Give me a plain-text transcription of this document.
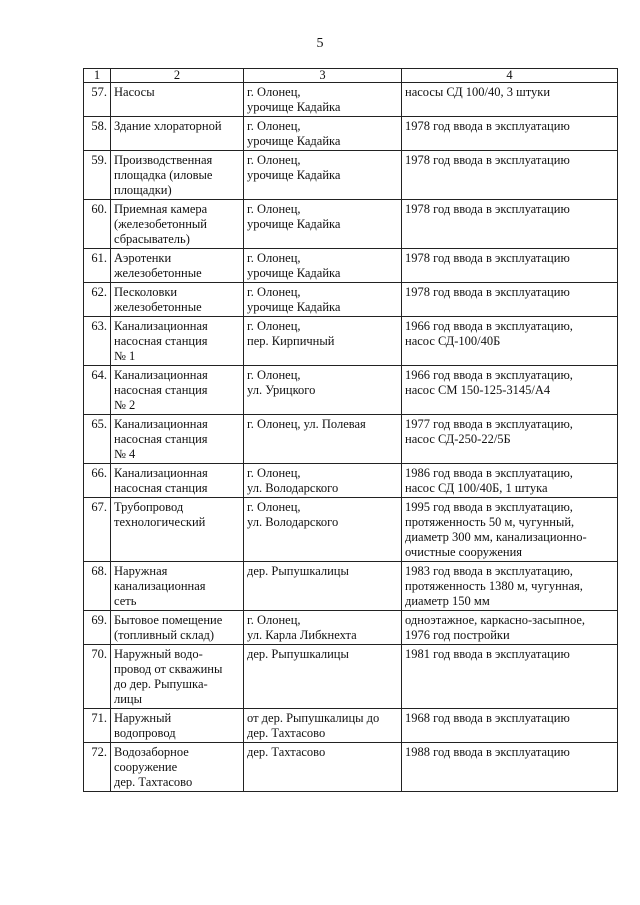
5
1	2	3	4
57.	Насосы	г. Олонец,
урочище Кадайка	насосы СД 100/40, 3 штуки

58.	Здание хлораторной	г. Олонец,
урочище Кадайка	1978 год ввода в эксплуатацию

59.	Производственная
площадка (иловые
площадки)	г. Олонец,
урочище Кадайка	1978 год ввода в эксплуатацию

60.	Приемная камера
(железобетонный
сбрасыватель)	г. Олонец,
урочище Кадайка	1978 год ввода в эксплуатацию

61.	Аэротенки
железобетонные	г. Олонец,
урочище Кадайка	1978 год ввода в эксплуатацию

62.	Песколовки
железобетонные	г. Олонец,
урочище Кадайка	1978 год ввода в эксплуатацию

63.	Канализационная
насосная станция
№ 1	г. Олонец,
пер. Кирпичный	1966 год ввода в эксплуатацию,
насос СД-100/40Б

64.	Канализационная
насосная станция
№ 2	г. Олонец,
ул. Урицкого	1966 год ввода в эксплуатацию,
насос СМ 150-125-3145/А4

65.	Канализационная
насосная станция
№ 4	г. Олонец, ул. Полевая	1977 год ввода в эксплуатацию,
насос СД-250-22/5Б

66.	Канализационная
насосная станция	г. Олонец,
ул. Володарского	1986 год ввода в эксплуатацию,
насос СД 100/40Б, 1 штука

67.	Трубопровод
технологический	г. Олонец,
ул. Володарского	1995 год ввода в эксплуатацию,
протяженность 50 м, чугунный,
диаметр 300 мм, канализационно-
очистные сооружения

68.	Наружная
канализационная
сеть	дер. Рыпушкалицы	1983 год ввода в эксплуатацию,
протяженность 1380 м, чугунная,
диаметр 150 мм

69.	Бытовое помещение
(топливный склад)	г. Олонец,
ул. Карла Либкнехта	одноэтажное, каркасно-засыпное,
1976 год постройки

70.	Наружный водо-
провод от скважины
до дер. Рыпушка-
лицы	дер. Рыпушкалицы	1981 год ввода в эксплуатацию

71.	Наружный
водопровод	от дер. Рыпушкалицы до
дер. Тахтасово	1968 год ввода в эксплуатацию

72.	Водозаборное
сооружение
дер. Тахтасово	дер. Тахтасово	1988 год ввода в эксплуатацию
